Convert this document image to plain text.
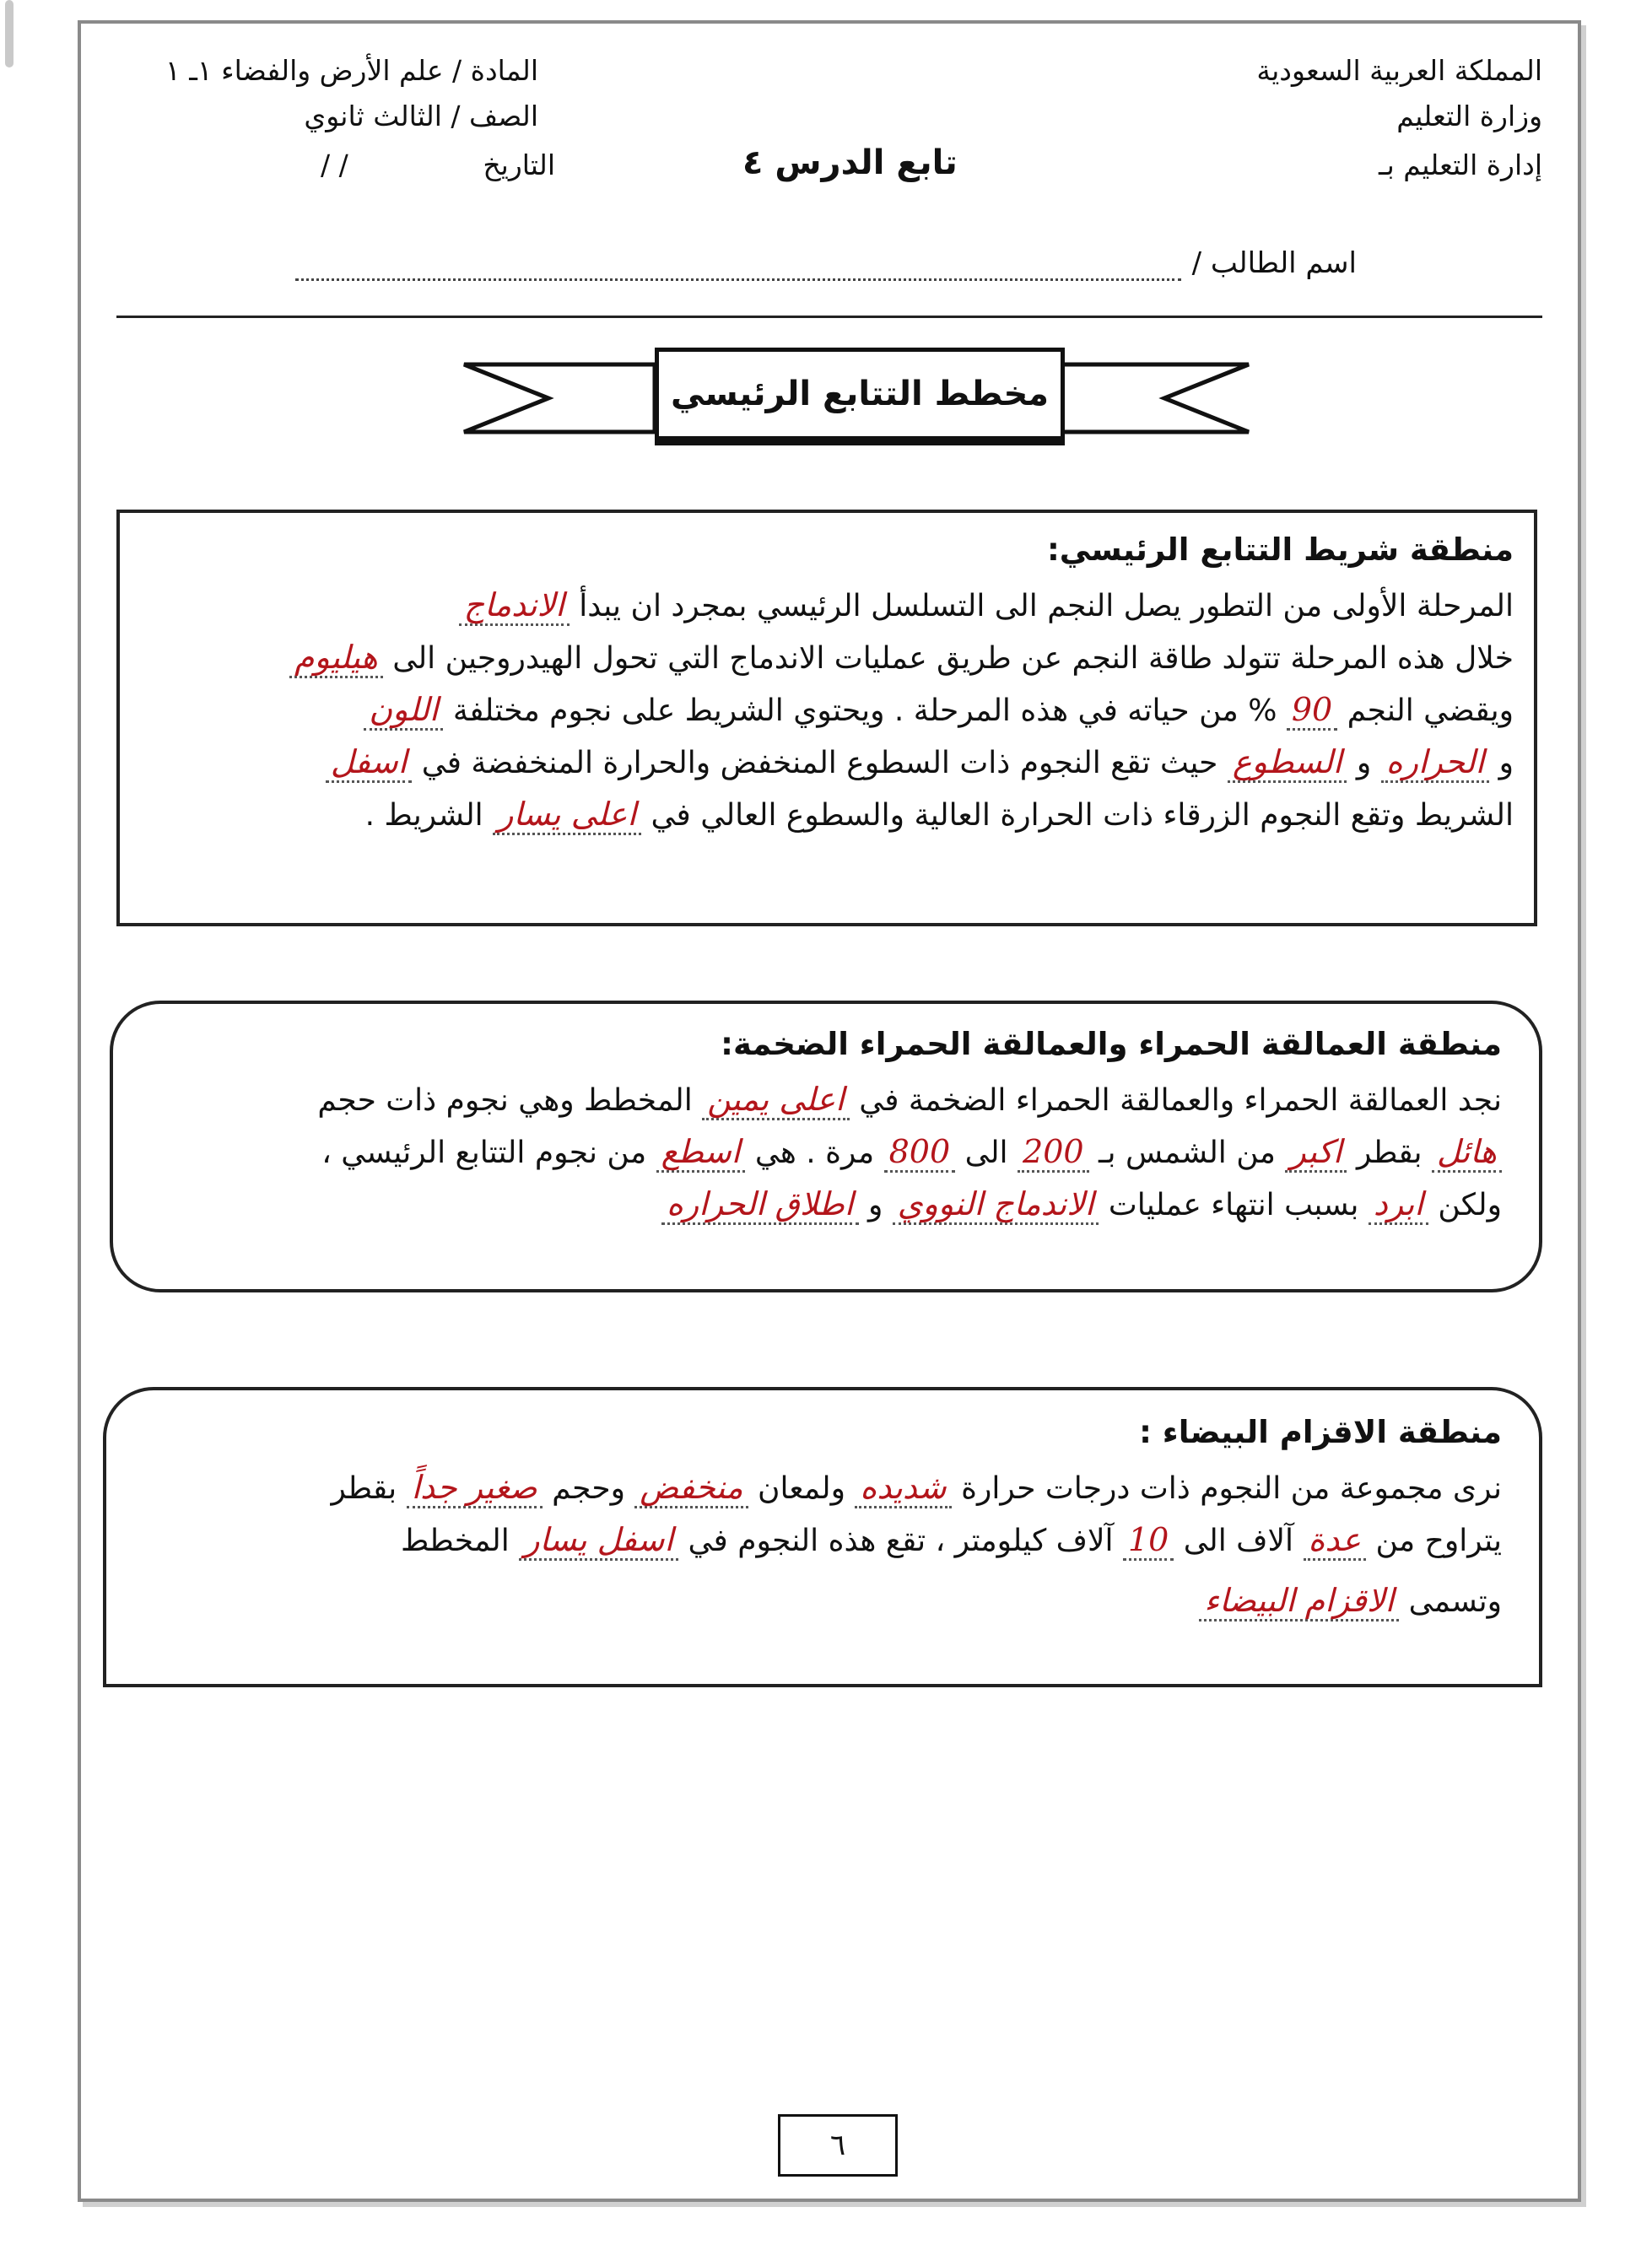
المملكة العربية السعودية
وزارة التعليم
إدارة التعليم بـ
المادة / علم الأرض والفضاء ١ـ ١
الصف / الثالث ثانوي
التاريخ
/ /	تابع الدرس ٤
اسم الطالب /
مخطط التتابع الرئيسي
منطقة شريط التتابع الرئيسي:
المرحلة الأولى من التطور يصل النجم الى التسلسل الرئيسي بمجرد ان يبدأ الاندماج
خلال هذه المرحلة تتولد طاقة النجم عن طريق عمليات الاندماج التي تحول الهيدروجين الى هيليوم
ويقضي النجم 90 % من حياته في هذه المرحلة . ويحتوي الشريط على نجوم مختلفة اللون
و الحراره و السطوع حيث تقع النجوم ذات السطوع المنخفض والحرارة المنخفضة في اسفل
الشريط وتقع النجوم الزرقاء ذات الحرارة العالية والسطوع العالي في اعلى يسار الشريط .
منطقة العمالقة الحمراء والعمالقة الحمراء الضخمة:
نجد العمالقة الحمراء والعمالقة الحمراء الضخمة في اعلى يمين المخطط وهي نجوم ذات حجم
هائل بقطر اكبر من الشمس بـ 200 الى 800 مرة . هي اسطع من نجوم التتابع الرئيسي ،
ولكن ابرد بسبب انتهاء عمليات الاندماج النووي و اطلاق الحراره
منطقة الاقزام البيضاء :
نرى مجموعة من النجوم ذات درجات حرارة شديده ولمعان منخفض وحجم صغير جداً بقطر
يتراوح من عدة آلاف الى 10 آلاف كيلومتر ، تقع هذه النجوم في اسفل يسار المخطط
وتسمى الاقزام البيضاء
٦
